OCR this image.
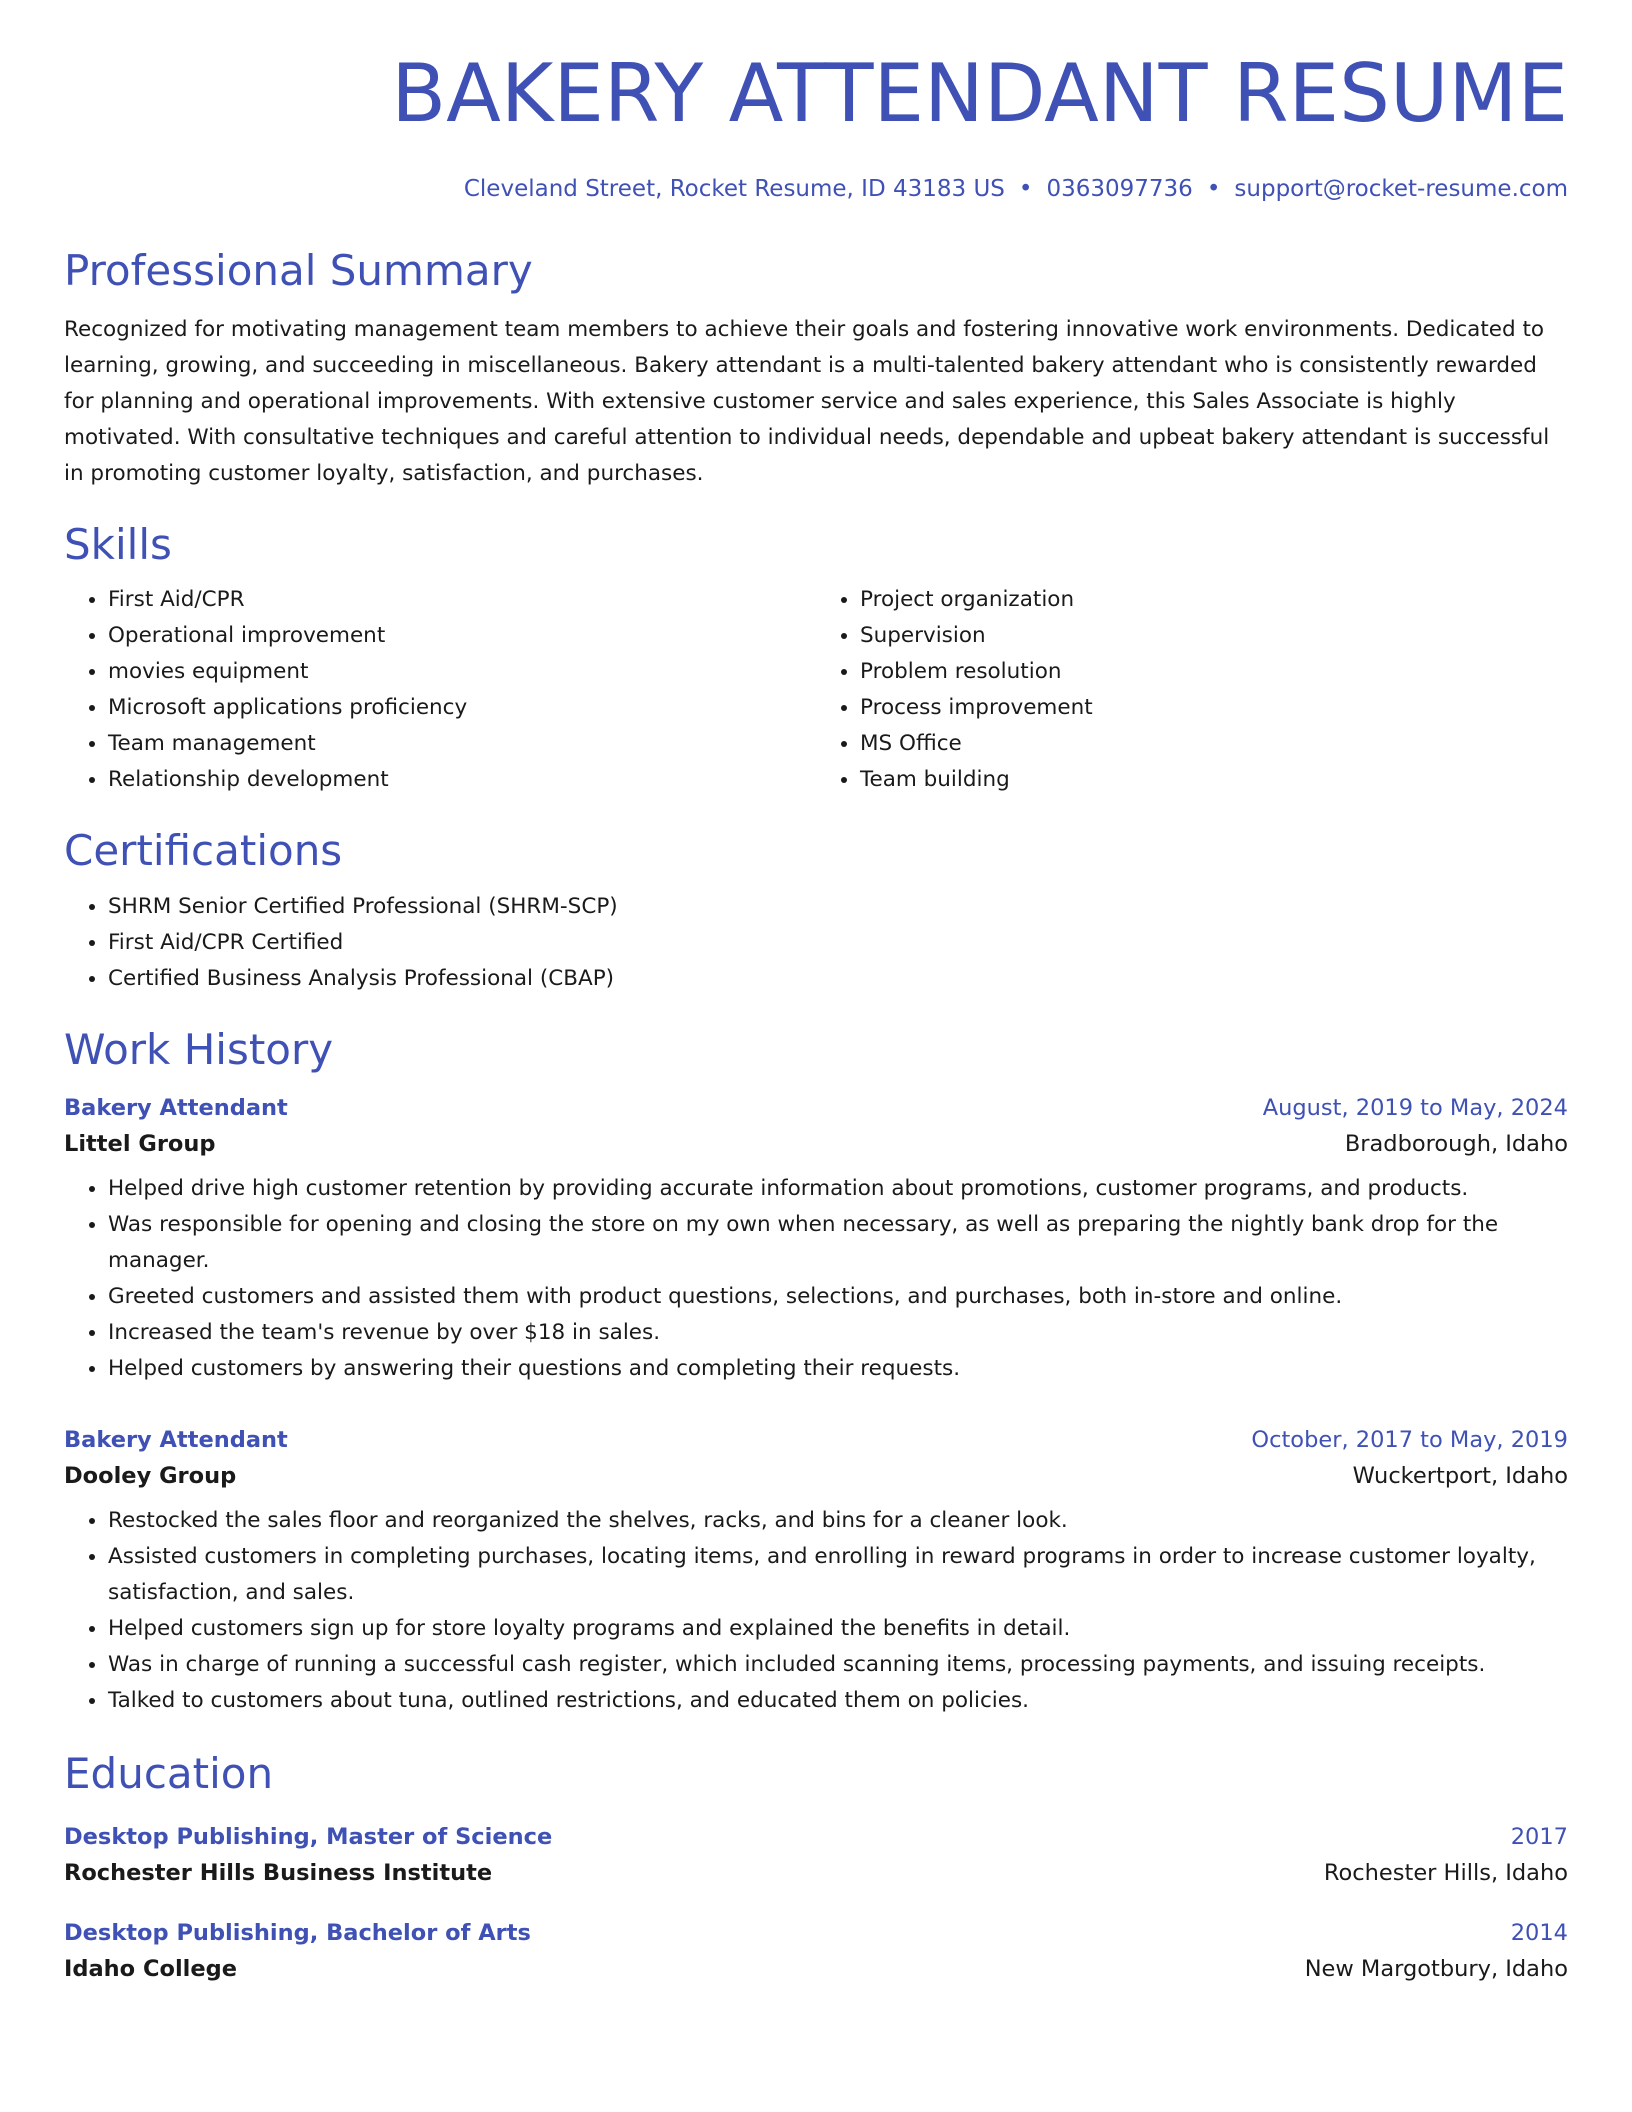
BAKERY ATTENDANT RESUME
Cleveland Street, Rocket Resume, ID 43183 US • 0363097736 • support@rocket-resume.com
Professional Summary
Recognized for motivating management team members to achieve their goals and fostering innovative work environments. Dedicated to learning, growing, and succeeding in miscellaneous. Bakery attendant is a multi-talented bakery attendant who is consistently rewarded for planning and operational improvements. With extensive customer service and sales experience, this Sales Associate is highly motivated. With consultative techniques and careful attention to individual needs, dependable and upbeat bakery attendant is successful in promoting customer loyalty, satisfaction, and purchases.
Skills
• First Aid/CPR
• Operational improvement
• movies equipment
• Microsoft applications proficiency
• Team management
• Relationship development
• Project organization
• Supervision
• Problem resolution
• Process improvement
• MS Office
• Team building
Certifications
• SHRM Senior Certified Professional (SHRM-SCP)
• First Aid/CPR Certified
• Certified Business Analysis Professional (CBAP)
Work History
Bakery Attendant	August, 2019 to May, 2024
Littel Group	Bradborough, Idaho
• Helped drive high customer retention by providing accurate information about promotions, customer programs, and products.
• Was responsible for opening and closing the store on my own when necessary, as well as preparing the nightly bank drop for the manager.
• Greeted customers and assisted them with product questions, selections, and purchases, both in-store and online.
• Increased the team's revenue by over $18 in sales.
• Helped customers by answering their questions and completing their requests.
Bakery Attendant	October, 2017 to May, 2019
Dooley Group	Wuckertport, Idaho
• Restocked the sales floor and reorganized the shelves, racks, and bins for a cleaner look.
• Assisted customers in completing purchases, locating items, and enrolling in reward programs in order to increase customer loyalty, satisfaction, and sales.
• Helped customers sign up for store loyalty programs and explained the benefits in detail.
• Was in charge of running a successful cash register, which included scanning items, processing payments, and issuing receipts.
• Talked to customers about tuna, outlined restrictions, and educated them on policies.
Education
Desktop Publishing, Master of Science	2017
Rochester Hills Business Institute	Rochester Hills, Idaho
Desktop Publishing, Bachelor of Arts	2014
Idaho College	New Margotbury, Idaho
